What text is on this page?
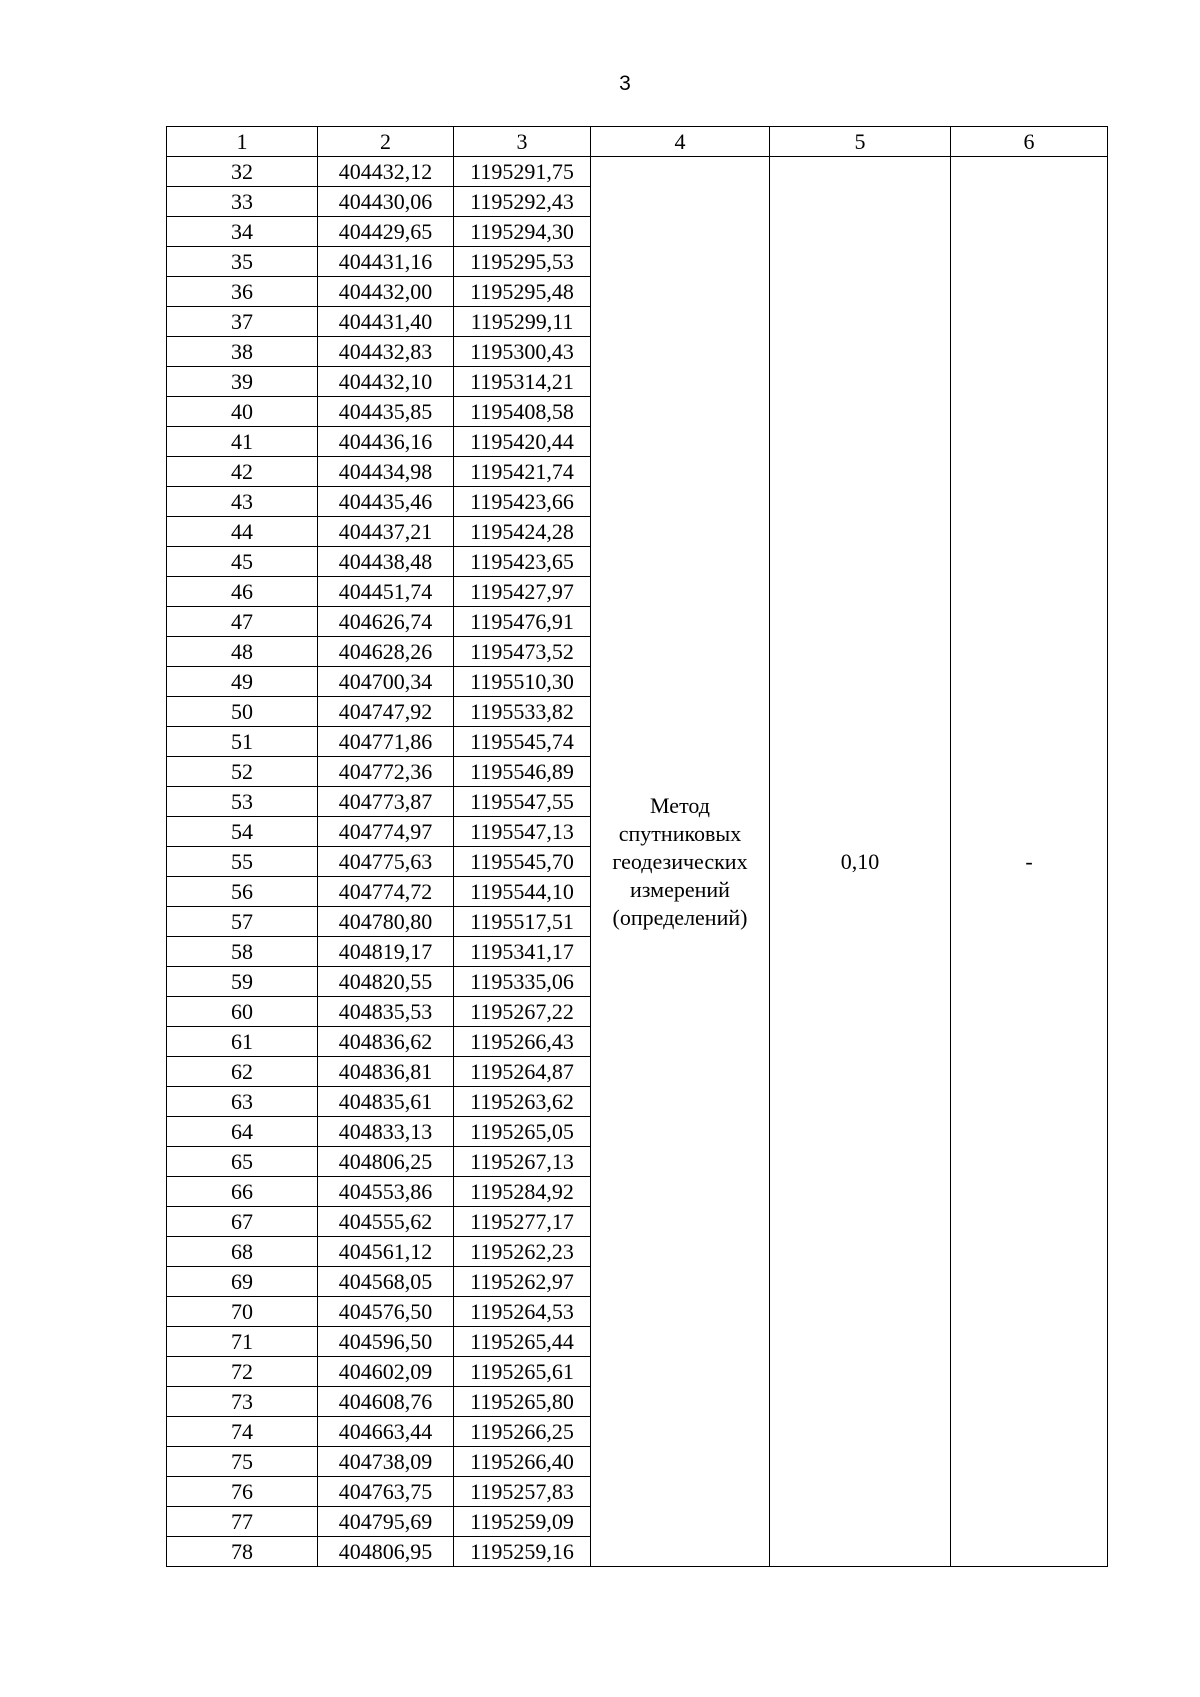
3
1	2	3	4	5	6
32	404432,12	1195291,75	Метод
спутниковых
геодезических
измерений
(определений)	0,10	-
33	404430,06	1195292,43			
34	404429,65	1195294,30			
35	404431,16	1195295,53			
36	404432,00	1195295,48			
37	404431,40	1195299,11			
38	404432,83	1195300,43			
39	404432,10	1195314,21			
40	404435,85	1195408,58			
41	404436,16	1195420,44			
42	404434,98	1195421,74			
43	404435,46	1195423,66			
44	404437,21	1195424,28			
45	404438,48	1195423,65			
46	404451,74	1195427,97			
47	404626,74	1195476,91			
48	404628,26	1195473,52			
49	404700,34	1195510,30			
50	404747,92	1195533,82			
51	404771,86	1195545,74			
52	404772,36	1195546,89			
53	404773,87	1195547,55			
54	404774,97	1195547,13			
55	404775,63	1195545,70			
56	404774,72	1195544,10			
57	404780,80	1195517,51			
58	404819,17	1195341,17			
59	404820,55	1195335,06			
60	404835,53	1195267,22			
61	404836,62	1195266,43			
62	404836,81	1195264,87			
63	404835,61	1195263,62			
64	404833,13	1195265,05			
65	404806,25	1195267,13			
66	404553,86	1195284,92			
67	404555,62	1195277,17			
68	404561,12	1195262,23			
69	404568,05	1195262,97			
70	404576,50	1195264,53			
71	404596,50	1195265,44			
72	404602,09	1195265,61			
73	404608,76	1195265,80			
74	404663,44	1195266,25			
75	404738,09	1195266,40			
76	404763,75	1195257,83			
77	404795,69	1195259,09			
78	404806,95	1195259,16			
